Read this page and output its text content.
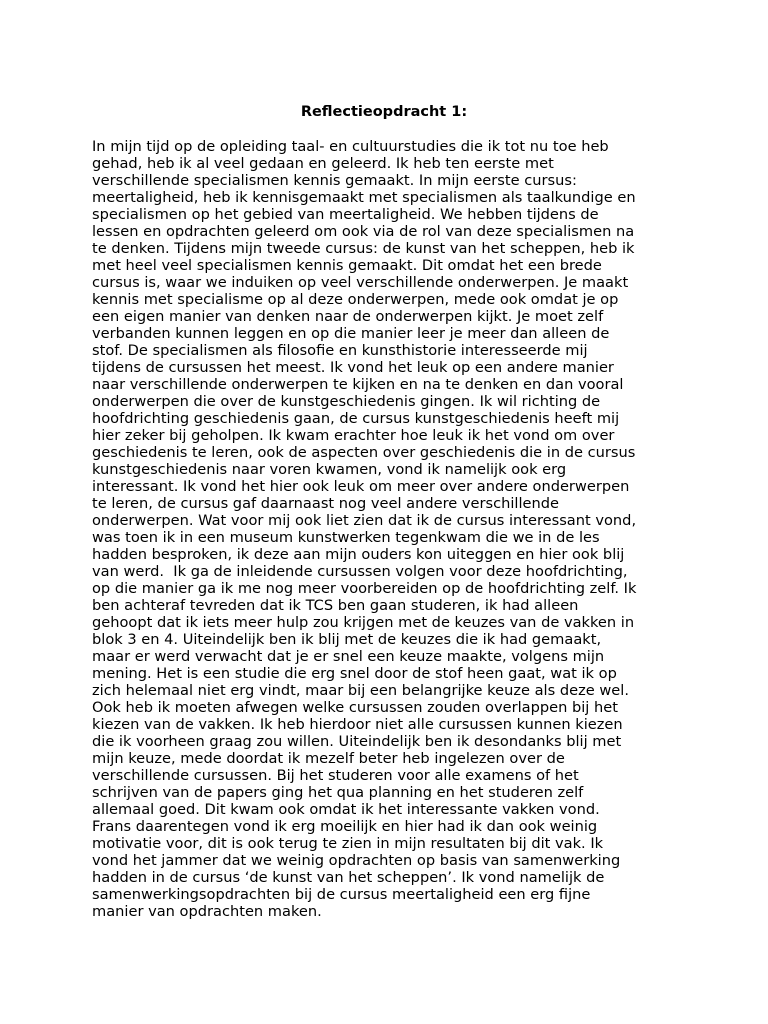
Reflectieopdracht 1:
In mijn tijd op de opleiding taal- en cultuurstudies die ik tot nu toe heb
gehad, heb ik al veel gedaan en geleerd. Ik heb ten eerste met
verschillende specialismen kennis gemaakt. In mijn eerste cursus:
meertaligheid, heb ik kennisgemaakt met specialismen als taalkundige en
specialismen op het gebied van meertaligheid. We hebben tijdens de
lessen en opdrachten geleerd om ook via de rol van deze specialismen na
te denken. Tijdens mijn tweede cursus: de kunst van het scheppen, heb ik
met heel veel specialismen kennis gemaakt. Dit omdat het een brede
cursus is, waar we induiken op veel verschillende onderwerpen. Je maakt
kennis met specialisme op al deze onderwerpen, mede ook omdat je op
een eigen manier van denken naar de onderwerpen kijkt. Je moet zelf
verbanden kunnen leggen en op die manier leer je meer dan alleen de
stof. De specialismen als filosofie en kunsthistorie interesseerde mij
tijdens de cursussen het meest. Ik vond het leuk op een andere manier
naar verschillende onderwerpen te kijken en na te denken en dan vooral
onderwerpen die over de kunstgeschiedenis gingen. Ik wil richting de
hoofdrichting geschiedenis gaan, de cursus kunstgeschiedenis heeft mij
hier zeker bij geholpen. Ik kwam erachter hoe leuk ik het vond om over
geschiedenis te leren, ook de aspecten over geschiedenis die in de cursus
kunstgeschiedenis naar voren kwamen, vond ik namelijk ook erg
interessant. Ik vond het hier ook leuk om meer over andere onderwerpen
te leren, de cursus gaf daarnaast nog veel andere verschillende
onderwerpen. Wat voor mij ook liet zien dat ik de cursus interessant vond,
was toen ik in een museum kunstwerken tegenkwam die we in de les
hadden besproken, ik deze aan mijn ouders kon uiteggen en hier ook blij
van werd.  Ik ga de inleidende cursussen volgen voor deze hoofdrichting,
op die manier ga ik me nog meer voorbereiden op de hoofdrichting zelf. Ik
ben achteraf tevreden dat ik TCS ben gaan studeren, ik had alleen
gehoopt dat ik iets meer hulp zou krijgen met de keuzes van de vakken in
blok 3 en 4. Uiteindelijk ben ik blij met de keuzes die ik had gemaakt,
maar er werd verwacht dat je er snel een keuze maakte, volgens mijn
mening. Het is een studie die erg snel door de stof heen gaat, wat ik op
zich helemaal niet erg vindt, maar bij een belangrijke keuze als deze wel.
Ook heb ik moeten afwegen welke cursussen zouden overlappen bij het
kiezen van de vakken. Ik heb hierdoor niet alle cursussen kunnen kiezen
die ik voorheen graag zou willen. Uiteindelijk ben ik desondanks blij met
mijn keuze, mede doordat ik mezelf beter heb ingelezen over de
verschillende cursussen. Bij het studeren voor alle examens of het
schrijven van de papers ging het qua planning en het studeren zelf
allemaal goed. Dit kwam ook omdat ik het interessante vakken vond.
Frans daarentegen vond ik erg moeilijk en hier had ik dan ook weinig
motivatie voor, dit is ook terug te zien in mijn resultaten bij dit vak. Ik
vond het jammer dat we weinig opdrachten op basis van samenwerking
hadden in de cursus ‘de kunst van het scheppen’. Ik vond namelijk de
samenwerkingsopdrachten bij de cursus meertaligheid een erg fijne
manier van opdrachten maken.
